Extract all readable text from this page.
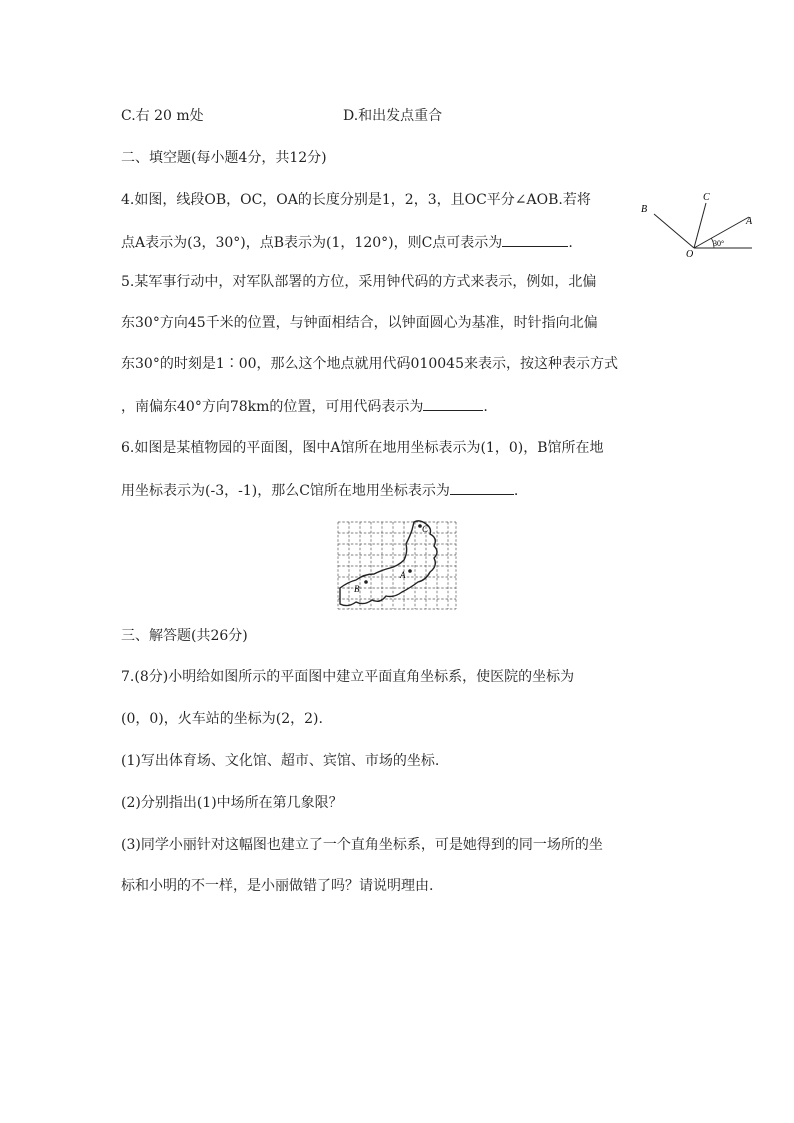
C.右 20 m处	D.和出发点重合
二、填空题(每小题4分，共12分)
4.如图，线段OB，OC，OA的长度分别是1，2，3，且OC平分∠AOB.若将
点A表示为(3，30°)，点B表示为(1，120°)，则C点可表示为	.
B
C
A
O
30°
5.某军事行动中，对军队部署的方位，采用钟代码的方式来表示，例如，北偏
东30°方向45千米的位置，与钟面相结合，以钟面圆心为基准，时针指向北偏
东30°的时刻是1∶00，那么这个地点就用代码010045来表示，按这种表示方式
，南偏东40°方向78km的位置，可用代码表示为	.
6.如图是某植物园的平面图，图中A馆所在地用坐标表示为(1，0)，B馆所在地
用坐标表示为(-3，-1)，那么C馆所在地用坐标表示为	.
C
A
B
三、解答题(共26分)
7.(8分)小明给如图所示的平面图中建立平面直角坐标系，使医院的坐标为
(0，0)，火车站的坐标为(2，2).
(1)写出体育场、文化馆、超市、宾馆、市场的坐标.
(2)分别指出(1)中场所在第几象限？
(3)同学小丽针对这幅图也建立了一个直角坐标系，可是她得到的同一场所的坐
标和小明的不一样，是小丽做错了吗？请说明理由.
